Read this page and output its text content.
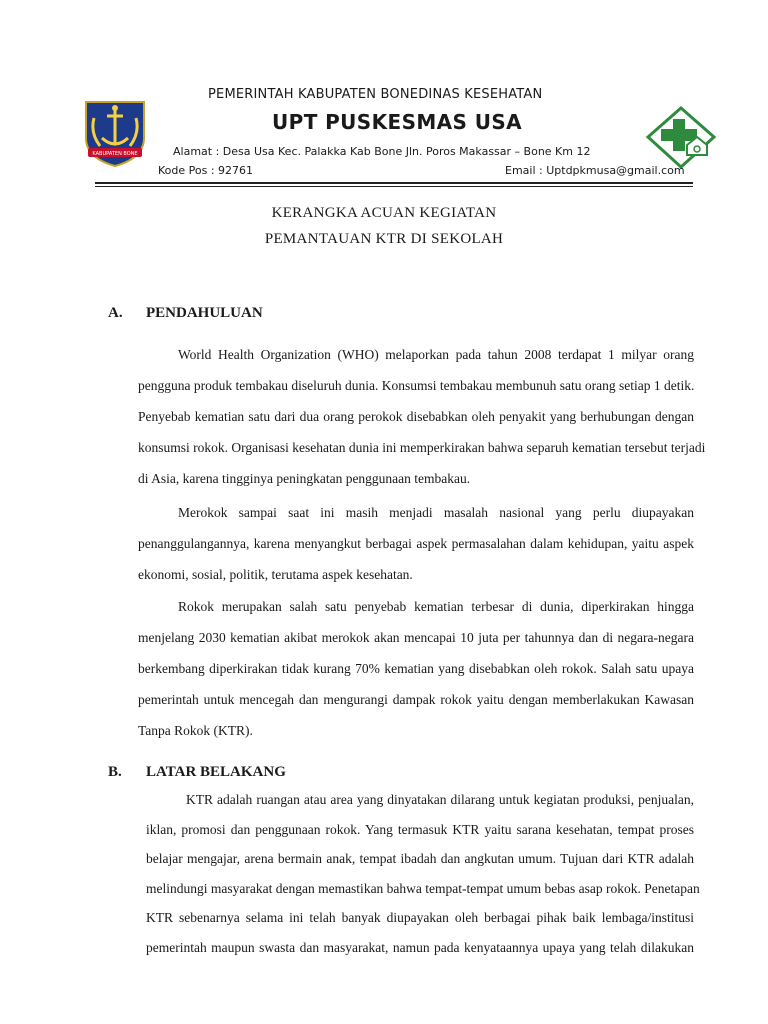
KABUPATEN BONE
PEMERINTAH KABUPATEN BONEDINAS KESEHATAN
UPT PUSKESMAS USA
Alamat : Desa Usa Kec. Palakka Kab Bone Jln. Poros Makassar – Bone Km 12
Kode Pos : 92761	Email : Uptdpkmusa@gmail.com
KERANGKA ACUAN KEGIATAN
PEMANTAUAN KTR DI SEKOLAH
A. PENDAHULUAN
World Health Organization (WHO) melaporkan pada tahun 2008 terdapat 1 milyar orang
pengguna produk tembakau diseluruh dunia. Konsumsi tembakau membunuh satu orang setiap 1 detik.
Penyebab kematian satu dari dua orang perokok disebabkan oleh penyakit yang berhubungan dengan
konsumsi rokok. Organisasi kesehatan dunia ini memperkirakan bahwa separuh kematian tersebut terjadi
di Asia, karena tingginya peningkatan penggunaan tembakau.
Merokok sampai saat ini masih menjadi masalah nasional yang perlu diupayakan
penanggulangannya, karena menyangkut berbagai aspek permasalahan dalam kehidupan, yaitu aspek
ekonomi, sosial, politik, terutama aspek kesehatan.
Rokok merupakan salah satu penyebab kematian terbesar di dunia, diperkirakan hingga
menjelang 2030 kematian akibat merokok akan mencapai 10 juta per tahunnya dan di negara-negara
berkembang diperkirakan tidak kurang 70% kematian yang disebabkan oleh rokok. Salah satu upaya
pemerintah untuk mencegah dan mengurangi dampak rokok yaitu dengan memberlakukan Kawasan
Tanpa Rokok (KTR).
B. LATAR BELAKANG
KTR adalah ruangan atau area yang dinyatakan dilarang untuk kegiatan produksi, penjualan,
iklan, promosi dan penggunaan rokok. Yang termasuk KTR yaitu sarana kesehatan, tempat proses
belajar mengajar, arena bermain anak, tempat ibadah dan angkutan umum. Tujuan dari KTR adalah
melindungi masyarakat dengan memastikan bahwa tempat-tempat umum bebas asap rokok. Penetapan
KTR sebenarnya selama ini telah banyak diupayakan oleh berbagai pihak baik lembaga/institusi
pemerintah maupun swasta dan masyarakat, namun pada kenyataannya upaya yang telah dilakukan
